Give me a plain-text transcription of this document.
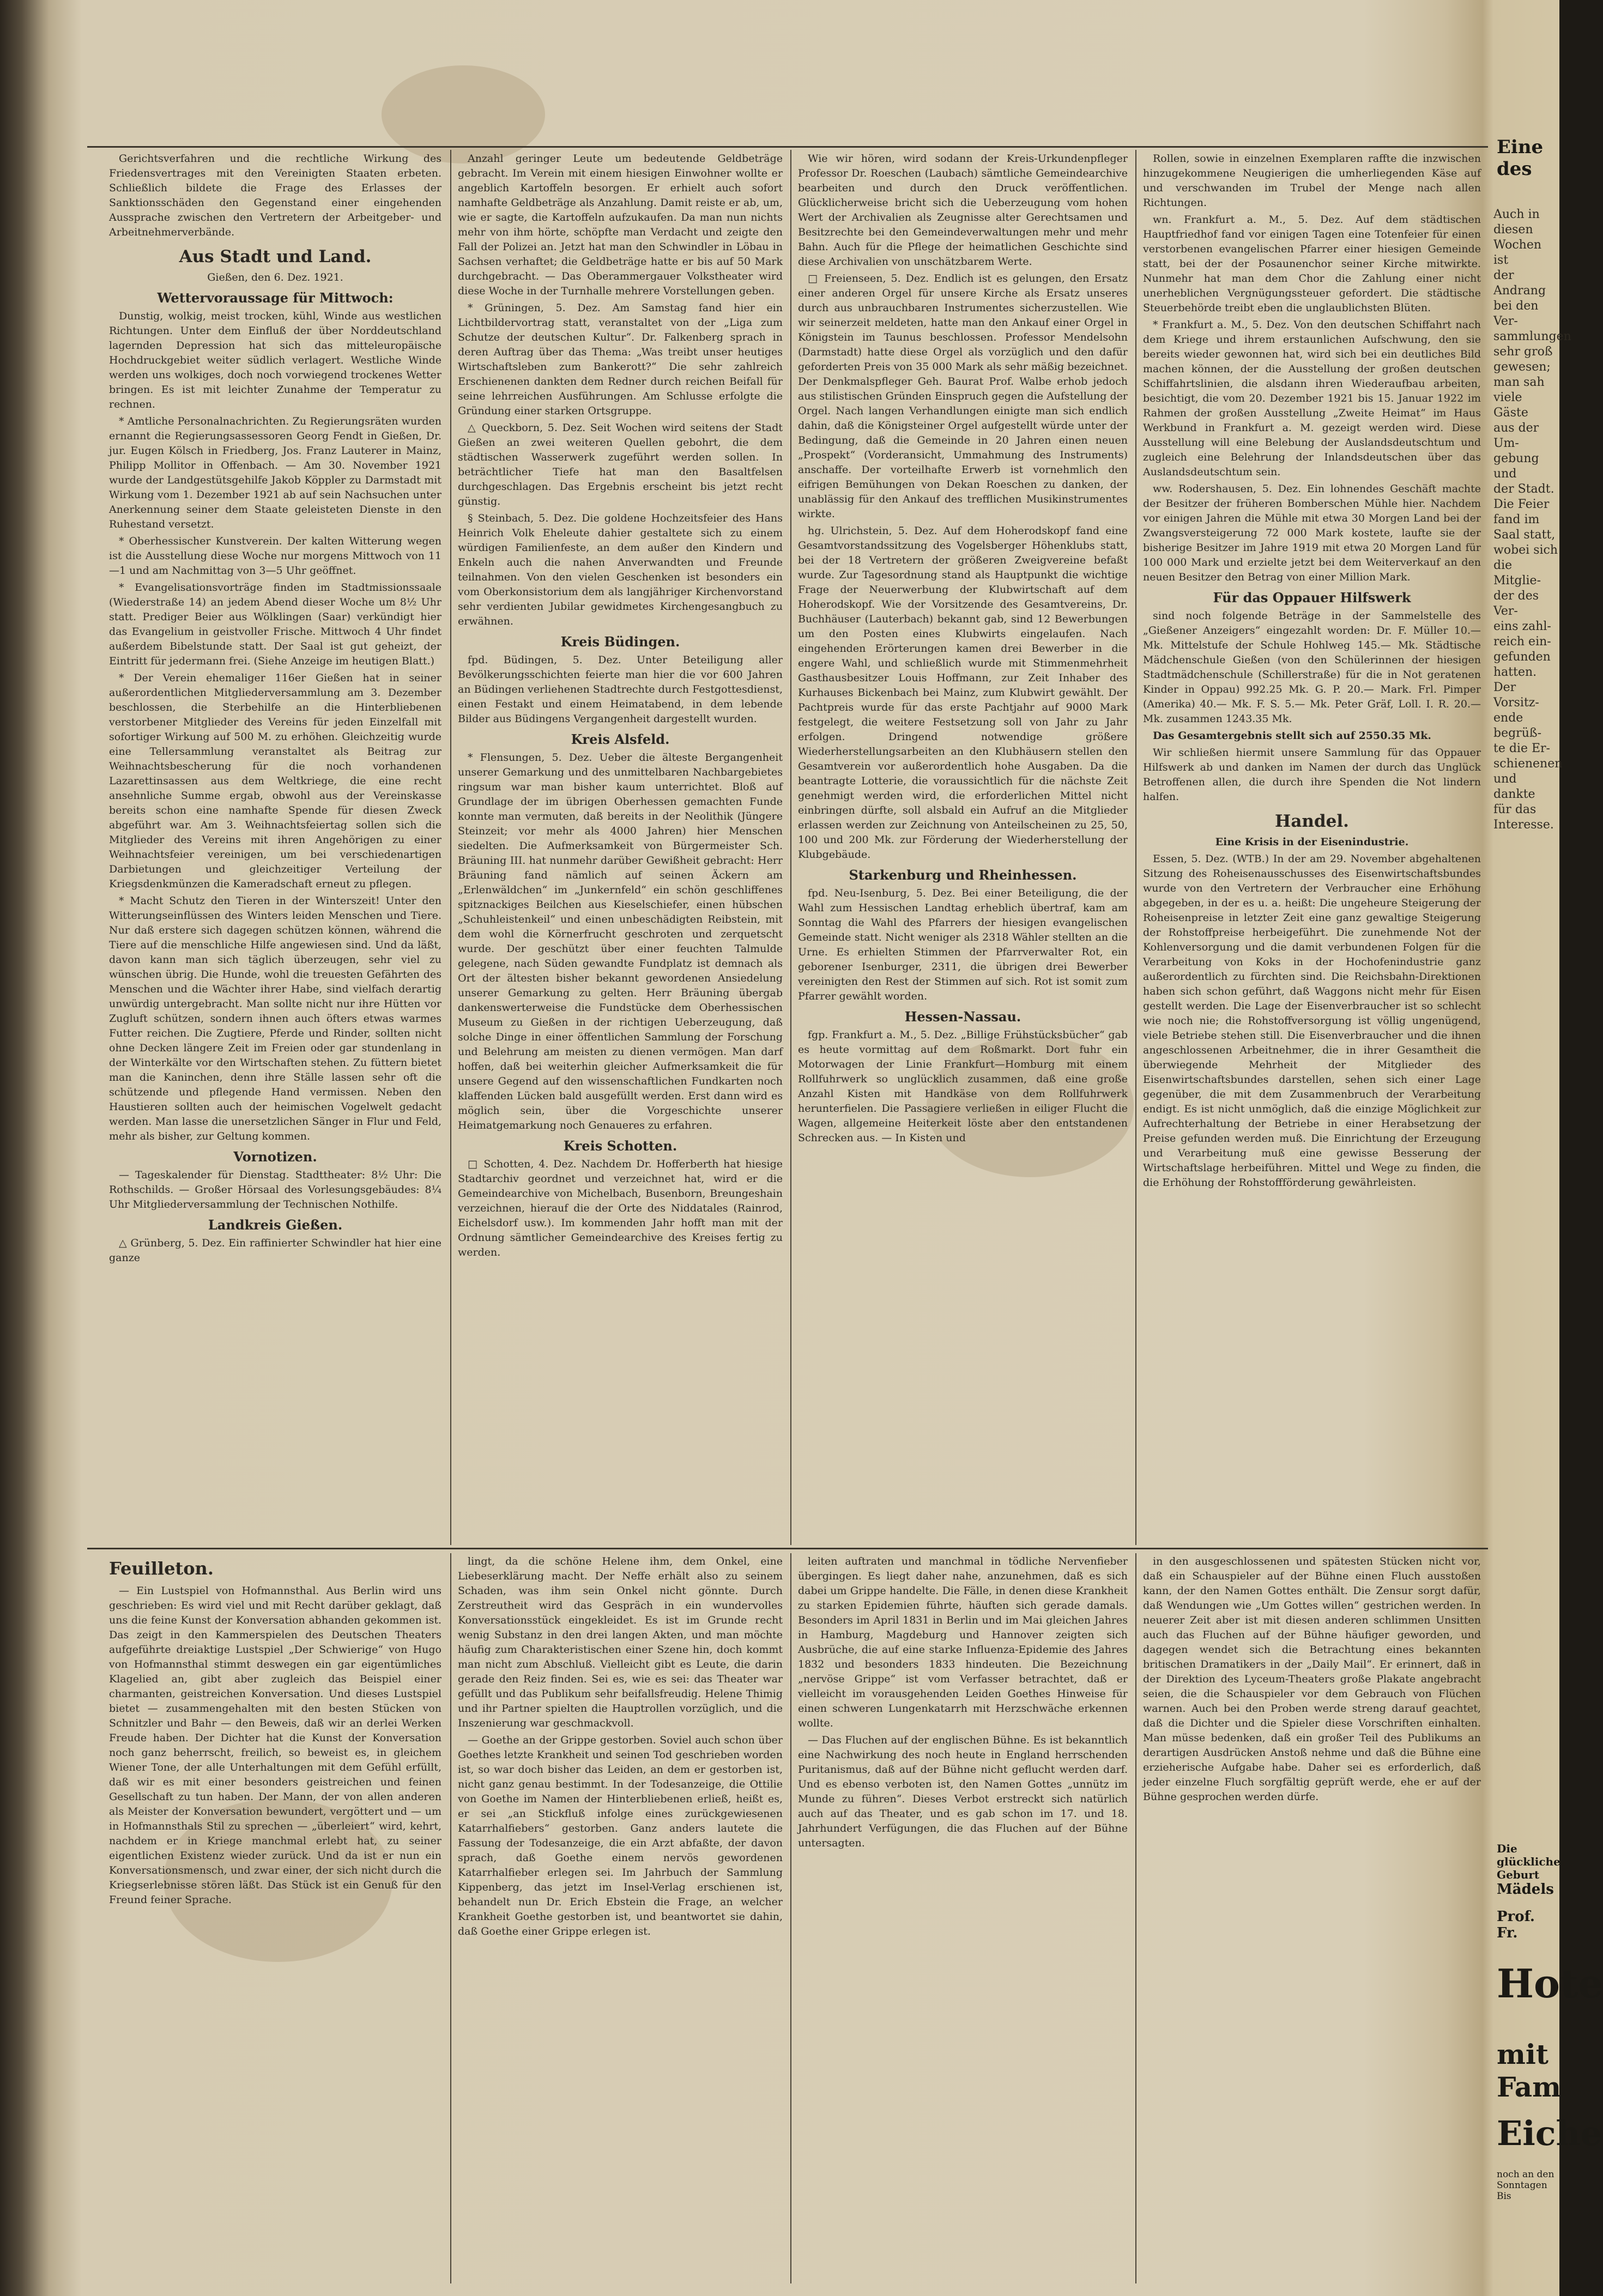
Gerichtsverfahren und die rechtliche Wirkung des Friedensvertrages mit den Vereinigten Staaten erbeten. Schließlich bildete die Frage des Erlasses der Sanktionsschäden den Gegenstand einer eingehenden Aussprache zwischen den Vertretern der Arbeitgeber- und Arbeitnehmerverbände.

Aus Stadt und Land.
Gießen, den 6. Dez. 1921.
Wettervoraussage für Mittwoch:

Dunstig, wolkig, meist trocken, kühl, Winde aus westlichen Richtungen. Unter dem Einfluß der über Norddeutschland lagernden Depression hat sich das mitteleuropäische Hochdruckgebiet weiter südlich verlagert. Westliche Winde werden uns wolkiges, doch noch vorwiegend trockenes Wetter bringen. Es ist mit leichter Zunahme der Temperatur zu rechnen.

* Amtliche Personalnachrichten. Zu Regierungsräten wurden ernannt die Regierungsassessoren Georg Fendt in Gießen, Dr. jur. Eugen Kölsch in Friedberg, Jos. Franz Lauterer in Mainz, Philipp Mollitor in Offenbach. — Am 30. November 1921 wurde der Landgestütsgehilfe Jakob Köppler zu Darmstadt mit Wirkung vom 1. Dezember 1921 ab auf sein Nachsuchen unter Anerkennung seiner dem Staate geleisteten Dienste in den Ruhestand versetzt.

* Oberhessischer Kunstverein. Der kalten Witterung wegen ist die Ausstellung diese Woche nur morgens Mittwoch von 11—1 und am Nachmittag von 3—5 Uhr geöffnet.

* Evangelisationsvorträge finden im Stadtmissionssaale (Wiederstraße 14) an jedem Abend dieser Woche um 8½ Uhr statt. Prediger Beier aus Wölklingen (Saar) verkündigt hier das Evangelium in geistvoller Frische. Mittwoch 4 Uhr findet außerdem Bibelstunde statt. Der Saal ist gut geheizt, der Eintritt für jedermann frei. (Siehe Anzeige im heutigen Blatt.)

* Der Verein ehemaliger 116er Gießen hat in seiner außerordentlichen Mitgliederversammlung am 3. Dezember beschlossen, die Sterbehilfe an die Hinterbliebenen verstorbener Mitglieder des Vereins für jeden Einzelfall mit sofortiger Wirkung auf 500 M. zu erhöhen. Gleichzeitig wurde eine Tellersammlung veranstaltet als Beitrag zur Weihnachtsbescherung für die noch vorhandenen Lazarettinsassen aus dem Weltkriege, die eine recht ansehnliche Summe ergab, obwohl aus der Vereinskasse bereits schon eine namhafte Spende für diesen Zweck abgeführt war. Am 3. Weihnachtsfeiertag sollen sich die Mitglieder des Vereins mit ihren Angehörigen zu einer Weihnachtsfeier vereinigen, um bei verschiedenartigen Darbietungen und gleichzeitiger Verteilung der Kriegsdenkmünzen die Kameradschaft erneut zu pflegen.

* Macht Schutz den Tieren in der Winterszeit! Unter den Witterungseinflüssen des Winters leiden Menschen und Tiere. Nur daß erstere sich dagegen schützen können, während die Tiere auf die menschliche Hilfe angewiesen sind. Und da läßt, davon kann man sich täglich überzeugen, sehr viel zu wünschen übrig. Die Hunde, wohl die treuesten Gefährten des Menschen und die Wächter ihrer Habe, sind vielfach derartig unwürdig untergebracht. Man sollte nicht nur ihre Hütten vor Zugluft schützen, sondern ihnen auch öfters etwas warmes Futter reichen. Die Zugtiere, Pferde und Rinder, sollten nicht ohne Decken längere Zeit im Freien oder gar stundenlang in der Winterkälte vor den Wirtschaften stehen. Zu füttern bietet man die Kaninchen, denn ihre Ställe lassen sehr oft die schützende und pflegende Hand vermissen. Neben den Haustieren sollten auch der heimischen Vogelwelt gedacht werden. Man lasse die unersetzlichen Sänger in Flur und Feld, mehr als bisher, zur Geltung kommen.

Vornotizen.

— Tageskalender für Dienstag. Stadttheater: 8½ Uhr: Die Rothschilds. — Großer Hörsaal des Vorlesungsgebäudes: 8¼ Uhr Mitgliederversammlung der Technischen Nothilfe.

Landkreis Gießen.

△ Grünberg, 5. Dez. Ein raffinierter Schwindler hat hier eine ganze

Anzahl geringer Leute um bedeutende Geldbeträge gebracht. Im Verein mit einem hiesigen Einwohner wollte er angeblich Kartoffeln besorgen. Er erhielt auch sofort namhafte Geldbeträge als Anzahlung. Damit reiste er ab, um, wie er sagte, die Kartoffeln aufzukaufen. Da man nun nichts mehr von ihm hörte, schöpfte man Verdacht und zeigte den Fall der Polizei an. Jetzt hat man den Schwindler in Löbau in Sachsen verhaftet; die Geldbeträge hatte er bis auf 50 Mark durchgebracht. — Das Oberammergauer Volkstheater wird diese Woche in der Turnhalle mehrere Vorstellungen geben.

* Grüningen, 5. Dez. Am Samstag fand hier ein Lichtbildervortrag statt, veranstaltet von der „Liga zum Schutze der deutschen Kultur“. Dr. Falkenberg sprach in deren Auftrag über das Thema: „Was treibt unser heutiges Wirtschaftsleben zum Bankerott?“ Die sehr zahlreich Erschienenen dankten dem Redner durch reichen Beifall für seine lehrreichen Ausführungen. Am Schlusse erfolgte die Gründung einer starken Ortsgruppe.

△ Queckborn, 5. Dez. Seit Wochen wird seitens der Stadt Gießen an zwei weiteren Quellen gebohrt, die dem städtischen Wasserwerk zugeführt werden sollen. In beträchtlicher Tiefe hat man den Basaltfelsen durchgeschlagen. Das Ergebnis erscheint bis jetzt recht günstig.

§ Steinbach, 5. Dez. Die goldene Hochzeitsfeier des Hans Heinrich Volk Eheleute dahier gestaltete sich zu einem würdigen Familienfeste, an dem außer den Kindern und Enkeln auch die nahen Anverwandten und Freunde teilnahmen. Von den vielen Geschenken ist besonders ein vom Oberkonsistorium dem als langjähriger Kirchenvorstand sehr verdienten Jubilar gewidmetes Kirchengesangbuch zu erwähnen.

Kreis Büdingen.

fpd. Büdingen, 5. Dez. Unter Beteiligung aller Bevölkerungsschichten feierte man hier die vor 600 Jahren an Büdingen verliehenen Stadtrechte durch Festgottesdienst, einen Festakt und einem Heimatabend, in dem lebende Bilder aus Büdingens Vergangenheit dargestellt wurden.

Kreis Alsfeld.

* Flensungen, 5. Dez. Ueber die älteste Bergangenheit unserer Gemarkung und des unmittelbaren Nachbargebietes ringsum war man bisher kaum unterrichtet. Bloß auf Grundlage der im übrigen Oberhessen gemachten Funde konnte man vermuten, daß bereits in der Neolithik (Jüngere Steinzeit; vor mehr als 4000 Jahren) hier Menschen siedelten. Die Aufmerksamkeit von Bürgermeister Sch. Bräuning III. hat nunmehr darüber Gewißheit gebracht: Herr Bräuning fand nämlich auf seinen Äckern am „Erlenwäldchen“ im „Junkernfeld“ ein schön geschliffenes spitznackiges Beilchen aus Kieselschiefer, einen hübschen „Schuhleistenkeil“ und einen unbeschädigten Reibstein, mit dem wohl die Körnerfrucht geschroten und zerquetscht wurde. Der geschützt über einer feuchten Talmulde gelegene, nach Süden gewandte Fundplatz ist demnach als Ort der ältesten bisher bekannt gewordenen Ansiedelung unserer Gemarkung zu gelten. Herr Bräuning übergab dankenswerterweise die Fundstücke dem Oberhessischen Museum zu Gießen in der richtigen Ueberzeugung, daß solche Dinge in einer öffentlichen Sammlung der Forschung und Belehrung am meisten zu dienen vermögen. Man darf hoffen, daß bei weiterhin gleicher Aufmerksamkeit die für unsere Gegend auf den wissenschaftlichen Fundkarten noch klaffenden Lücken bald ausgefüllt werden. Erst dann wird es möglich sein, über die Vorgeschichte unserer Heimatgemarkung noch Genaueres zu erfahren.

Kreis Schotten.

□ Schotten, 4. Dez. Nachdem Dr. Hofferberth hat hiesige Stadtarchiv geordnet und verzeichnet hat, wird er die Gemeindearchive von Michelbach, Busenborn, Breungeshain verzeichnen, hierauf die der Orte des Niddatales (Rainrod, Eichelsdorf usw.). Im kommenden Jahr hofft man mit der Ordnung sämtlicher Gemeindearchive des Kreises fertig zu werden.

Wie wir hören, wird sodann der Kreis-Urkundenpfleger Professor Dr. Roeschen (Laubach) sämtliche Gemeindearchive bearbeiten und durch den Druck veröffentlichen. Glücklicherweise bricht sich die Ueberzeugung vom hohen Wert der Archivalien als Zeugnisse alter Gerechtsamen und Besitzrechte bei den Gemeindeverwaltungen mehr und mehr Bahn. Auch für die Pflege der heimatlichen Geschichte sind diese Archivalien von unschätzbarem Werte.

□ Freienseen, 5. Dez. Endlich ist es gelungen, den Ersatz einer anderen Orgel für unsere Kirche als Ersatz unseres durch aus unbrauchbaren Instrumentes sicherzustellen. Wie wir seinerzeit meldeten, hatte man den Ankauf einer Orgel in Königstein im Taunus beschlossen. Professor Mendelsohn (Darmstadt) hatte diese Orgel als vorzüglich und den dafür geforderten Preis von 35 000 Mark als sehr mäßig bezeichnet. Der Denkmalspfleger Geh. Baurat Prof. Walbe erhob jedoch aus stilistischen Gründen Einspruch gegen die Aufstellung der Orgel. Nach langen Verhandlungen einigte man sich endlich dahin, daß die Königsteiner Orgel aufgestellt würde unter der Bedingung, daß die Gemeinde in 20 Jahren einen neuen „Prospekt“ (Vorderansicht, Ummahmung des Instruments) anschaffe. Der vorteilhafte Erwerb ist vornehmlich den eifrigen Bemühungen von Dekan Roeschen zu danken, der unablässig für den Ankauf des trefflichen Musikinstrumentes wirkte.

hg. Ulrichstein, 5. Dez. Auf dem Hoherodskopf fand eine Gesamtvorstandssitzung des Vogelsberger Höhenklubs statt, bei der 18 Vertretern der größeren Zweigvereine befaßt wurde. Zur Tagesordnung stand als Hauptpunkt die wichtige Frage der Neuerwerbung der Klubwirtschaft auf dem Hoherodskopf. Wie der Vorsitzende des Gesamtvereins, Dr. Buchhäuser (Lauterbach) bekannt gab, sind 12 Bewerbungen um den Posten eines Klubwirts eingelaufen. Nach eingehenden Erörterungen kamen drei Bewerber in die engere Wahl, und schließlich wurde mit Stimmenmehrheit Gasthausbesitzer Louis Hoffmann, zur Zeit Inhaber des Kurhauses Bickenbach bei Mainz, zum Klubwirt gewählt. Der Pachtpreis wurde für das erste Pachtjahr auf 9000 Mark festgelegt, die weitere Festsetzung soll von Jahr zu Jahr erfolgen. Dringend notwendige größere Wiederherstellungsarbeiten an den Klubhäusern stellen den Gesamtverein vor außerordentlich hohe Ausgaben. Da die beantragte Lotterie, die voraussichtlich für die nächste Zeit genehmigt werden wird, die erforderlichen Mittel nicht einbringen dürfte, soll alsbald ein Aufruf an die Mitglieder erlassen werden zur Zeichnung von Anteilscheinen zu 25, 50, 100 und 200 Mk. zur Förderung der Wiederherstellung der Klubgebäude.

Starkenburg und Rheinhessen.

fpd. Neu-Isenburg, 5. Dez. Bei einer Beteiligung, die der Wahl zum Hessischen Landtag erheblich übertraf, kam am Sonntag die Wahl des Pfarrers der hiesigen evangelischen Gemeinde statt. Nicht weniger als 2318 Wähler stellten an die Urne. Es erhielten Stimmen der Pfarrverwalter Rot, ein geborener Isenburger, 2311, die übrigen drei Bewerber vereinigten den Rest der Stimmen auf sich. Rot ist somit zum Pfarrer gewählt worden.

Hessen-Nassau.

fgp. Frankfurt a. M., 5. Dez. „Billige Frühstücksbücher“ gab es heute vormittag auf dem Roßmarkt. Dort fuhr ein Motorwagen der Linie Frankfurt—Homburg mit einem Rollfuhrwerk so unglücklich zusammen, daß eine große Anzahl Kisten mit Handkäse von dem Rollfuhrwerk herunterfielen. Die Passagiere verließen in eiliger Flucht die Wagen, allgemeine Heiterkeit löste aber den entstandenen Schrecken aus. — In Kisten und

Rollen, sowie in einzelnen Exemplaren raffte die inzwischen hinzugekommene Neugierigen die umherliegenden Käse auf und verschwanden im Trubel der Menge nach allen Richtungen.

wn. Frankfurt a. M., 5. Dez. Auf dem städtischen Hauptfriedhof fand vor einigen Tagen eine Totenfeier für einen verstorbenen evangelischen Pfarrer einer hiesigen Gemeinde statt, bei der der Posaunenchor seiner Kirche mitwirkte. Nunmehr hat man dem Chor die Zahlung einer nicht unerheblichen Vergnügungssteuer gefordert. Die städtische Steuerbehörde treibt eben die unglaublichsten Blüten.

* Frankfurt a. M., 5. Dez. Von den deutschen Schiffahrt nach dem Kriege und ihrem erstaunlichen Aufschwung, den sie bereits wieder gewonnen hat, wird sich bei ein deutliches Bild machen können, der die Ausstellung der großen deutschen Schiffahrtslinien, die alsdann ihren Wiederaufbau arbeiten, besichtigt, die vom 20. Dezember 1921 bis 15. Januar 1922 im Rahmen der großen Ausstellung „Zweite Heimat“ im Haus Werkbund in Frankfurt a. M. gezeigt werden wird. Diese Ausstellung will eine Belebung der Auslandsdeutschtum und zugleich eine Belehrung der Inlandsdeutschen über das Auslandsdeutschtum sein.

ww. Rodershausen, 5. Dez. Ein lohnendes Geschäft machte der Besitzer der früheren Bomberschen Mühle hier. Nachdem vor einigen Jahren die Mühle mit etwa 30 Morgen Land bei der Zwangsversteigerung 72 000 Mark kostete, laufte sie der bisherige Besitzer im Jahre 1919 mit etwa 20 Morgen Land für 100 000 Mark und erzielte jetzt bei dem Weiterverkauf an den neuen Besitzer den Betrag von einer Million Mark.

Für das Oppauer Hilfswerk

sind noch folgende Beträge in der Sammelstelle des „Gießener Anzeigers“ eingezahlt worden: Dr. F. Müller 10.— Mk. Mittelstufe der Schule Hohlweg 145.— Mk. Städtische Mädchenschule Gießen (von den Schülerinnen der hiesigen Stadtmädchenschule (Schillerstraße) für die in Not geratenen Kinder in Oppau) 992.25 Mk. G. P. 20.— Mark. Frl. Pimper (Amerika) 40.— Mk. F. S. 5.— Mk. Peter Gräf, Loll. I. R. 20.— Mk. zusammen 1243.35 Mk.

Das Gesamtergebnis stellt sich auf 2550.35 Mk.

Wir schließen hiermit unsere Sammlung für das Oppauer Hilfswerk ab und danken im Namen der durch das Unglück Betroffenen allen, die durch ihre Spenden die Not lindern halfen.

Handel.
Eine Krisis in der Eisenindustrie.

Essen, 5. Dez. (WTB.) In der am 29. November abgehaltenen Sitzung des Roheisenausschusses des Eisenwirtschaftsbundes wurde von den Vertretern der Verbraucher eine Erhöhung abgegeben, in der es u. a. heißt: Die ungeheure Steigerung der Roheisenpreise in letzter Zeit eine ganz gewaltige Steigerung der Rohstoffpreise herbeigeführt. Die zunehmende Not der Kohlenversorgung und die damit verbundenen Folgen für die Verarbeitung von Koks in der Hochofenindustrie ganz außerordentlich zu fürchten sind. Die Reichsbahn-Direktionen haben sich schon geführt, daß Waggons nicht mehr für Eisen gestellt werden. Die Lage der Eisenverbraucher ist so schlecht wie noch nie; die Rohstoffversorgung ist völlig ungenügend, viele Betriebe stehen still. Die Eisenverbraucher und die ihnen angeschlossenen Arbeitnehmer, die in ihrer Gesamtheit die überwiegende Mehrheit der Mitglieder des Eisenwirtschaftsbundes darstellen, sehen sich einer Lage gegenüber, die mit dem Zusammenbruch der Verarbeitung endigt. Es ist nicht unmöglich, daß die einzige Möglichkeit zur Aufrechterhaltung der Betriebe in einer Herabsetzung der Preise gefunden werden muß. Die Einrichtung der Erzeugung und Verarbeitung muß eine gewisse Besserung der Wirtschaftslage herbeiführen. Mittel und Wege zu finden, die die Erhöhung der Rohstoffförderung gewährleisten.

Feuilleton.

— Ein Lustspiel von Hofmannsthal. Aus Berlin wird uns geschrieben: Es wird viel und mit Recht darüber geklagt, daß uns die feine Kunst der Konversation abhanden gekommen ist. Das zeigt in den Kammerspielen des Deutschen Theaters aufgeführte dreiaktige Lustspiel „Der Schwierige“ von Hugo von Hofmannsthal stimmt deswegen ein gar eigentümliches Klagelied an, gibt aber zugleich das Beispiel einer charmanten, geistreichen Konversation. Und dieses Lustspiel bietet — zusammengehalten mit den besten Stücken von Schnitzler und Bahr — den Beweis, daß wir an derlei Werken Freude haben. Der Dichter hat die Kunst der Konversation noch ganz beherrscht, freilich, so beweist es, in gleichem Wiener Tone, der alle Unterhaltungen mit dem Gefühl erfüllt, daß wir es mit einer besonders geistreichen und feinen Gesellschaft zu tun haben. Der Mann, der von allen anderen als Meister der Konversation bewundert, vergöttert und — um in Hofmannsthals Stil zu sprechen — „überleiert“ wird, kehrt, nachdem er in Kriege manchmal erlebt hat, zu seiner eigentlichen Existenz wieder zurück. Und da ist er nun ein Konversationsmensch, und zwar einer, der sich nicht durch die Kriegserlebnisse stören läßt. Das Stück ist ein Genuß für den Freund feiner Sprache.

lingt, da die schöne Helene ihm, dem Onkel, eine Liebeserklärung macht. Der Neffe erhält also zu seinem Schaden, was ihm sein Onkel nicht gönnte. Durch Zerstreutheit wird das Gespräch in ein wundervolles Konversationsstück eingekleidet. Es ist im Grunde recht wenig Substanz in den drei langen Akten, und man möchte häufig zum Charakteristischen einer Szene hin, doch kommt man nicht zum Abschluß. Vielleicht gibt es Leute, die darin gerade den Reiz finden. Sei es, wie es sei: das Theater war gefüllt und das Publikum sehr beifallsfreudig. Helene Thimig und ihr Partner spielten die Hauptrollen vorzüglich, und die Inszenierung war geschmackvoll.

— Goethe an der Grippe gestorben. Soviel auch schon über Goethes letzte Krankheit und seinen Tod geschrieben worden ist, so war doch bisher das Leiden, an dem er gestorben ist, nicht ganz genau bestimmt. In der Todesanzeige, die Ottilie von Goethe im Namen der Hinterbliebenen erließ, heißt es, er sei „an Stickfluß infolge eines zurückgewiesenen Katarrhalfiebers“ gestorben. Ganz anders lautete die Fassung der Todesanzeige, die ein Arzt abfaßte, der davon sprach, daß Goethe einem nervös gewordenen Katarrhalfieber erlegen sei. Im Jahrbuch der Sammlung Kippenberg, das jetzt im Insel-Verlag erschienen ist, behandelt nun Dr. Erich Ebstein die Frage, an welcher Krankheit Goethe gestorben ist, und beantwortet sie dahin, daß Goethe einer Grippe erlegen ist.

leiten auftraten und manchmal in tödliche Nervenfieber übergingen. Es liegt daher nahe, anzunehmen, daß es sich dabei um Grippe handelte. Die Fälle, in denen diese Krankheit zu starken Epidemien führte, häuften sich gerade damals. Besonders im April 1831 in Berlin und im Mai gleichen Jahres in Hamburg, Magdeburg und Hannover zeigten sich Ausbrüche, die auf eine starke Influenza-Epidemie des Jahres 1832 und besonders 1833 hindeuten. Die Bezeichnung „nervöse Grippe“ ist vom Verfasser betrachtet, daß er vielleicht im vorausgehenden Leiden Goethes Hinweise für einen schweren Lungenkatarrh mit Herzschwäche erkennen wollte.

— Das Fluchen auf der englischen Bühne. Es ist bekanntlich eine Nachwirkung des noch heute in England herrschenden Puritanismus, daß auf der Bühne nicht geflucht werden darf. Und es ebenso verboten ist, den Namen Gottes „unnütz im Munde zu führen“. Dieses Verbot erstreckt sich natürlich auch auf das Theater, und es gab schon im 17. und 18. Jahrhundert Verfügungen, die das Fluchen auf der Bühne untersagten.

in den ausgeschlossenen und spätesten Stücken nicht vor, daß ein Schauspieler auf der Bühne einen Fluch ausstoßen kann, der den Namen Gottes enthält. Die Zensur sorgt dafür, daß Wendungen wie „Um Gottes willen“ gestrichen werden. In neuerer Zeit aber ist mit diesen anderen schlimmen Unsitten auch das Fluchen auf der Bühne häufiger geworden, und dagegen wendet sich die Betrachtung eines bekannten britischen Dramatikers in der „Daily Mail“. Er erinnert, daß in der Direktion des Lyceum-Theaters große Plakate angebracht seien, die die Schauspieler vor dem Gebrauch von Flüchen warnen. Auch bei den Proben werde streng darauf geachtet, daß die Dichter und die Spieler diese Vorschriften einhalten. Man müsse bedenken, daß ein großer Teil des Publikums an derartigen Ausdrücken Anstoß nehme und daß die Bühne eine erzieherische Aufgabe habe. Daher sei es erforderlich, daß jeder einzelne Fluch sorgfältig geprüft werde, ehe er auf der Bühne gesprochen werden dürfe.

Eine
des
Auch in diesen
Wochen ist
der Andrang
bei den Ver-
sammlungen
sehr groß
gewesen;
man sah
viele Gäste
aus der Um-
gebung und
der Stadt.
Die Feier
fand im
Saal statt,
wobei sich
die Mitglie-
der des Ver-
eins zahl-
reich ein-
gefunden
hatten.
Der Vorsitz-
ende begrüß-
te die Er-
schienenen
und dankte
für das
Interesse.
Die glückliche Geburt
Mädels
Prof. Fr.
Hote
mit Fam
Eiche
noch an den Sonntagen
Bis
